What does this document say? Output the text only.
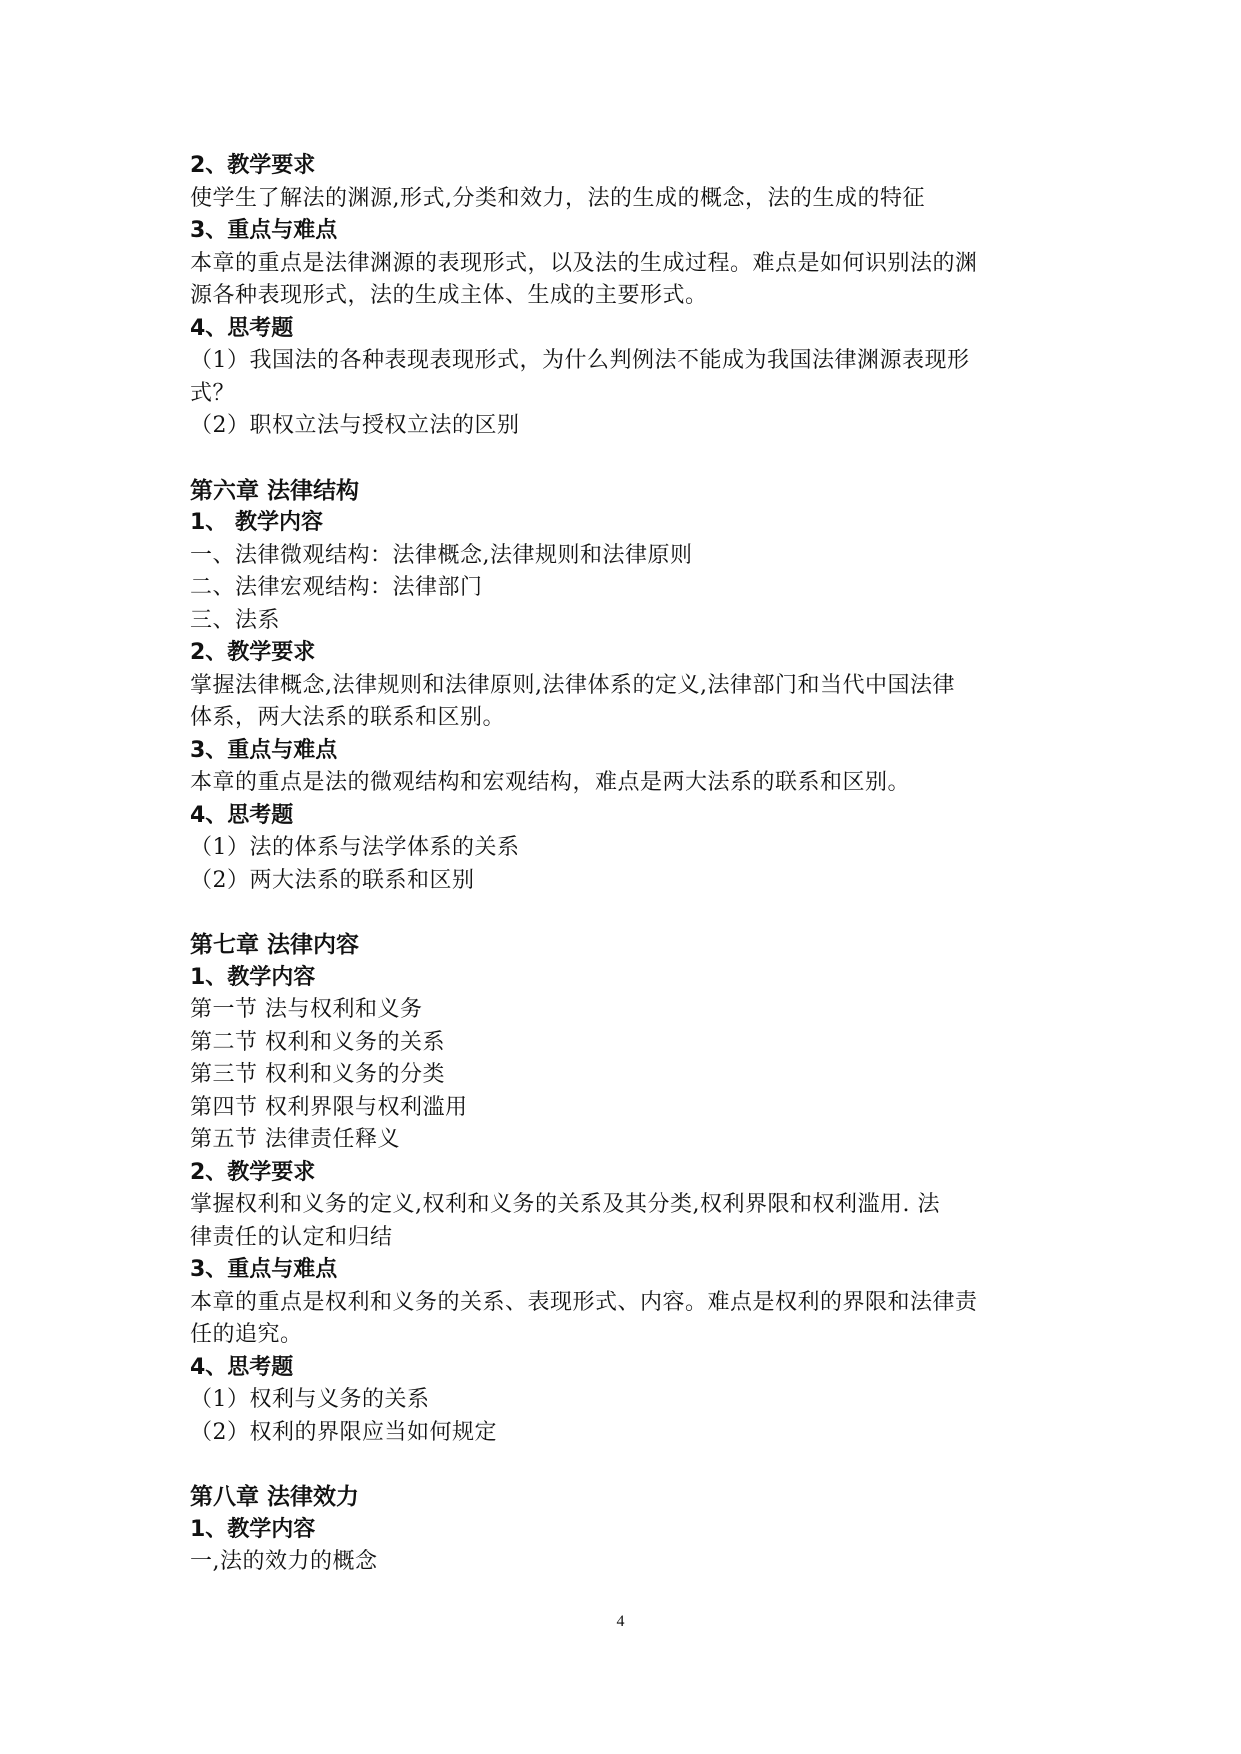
2、教学要求
使学生了解法的渊源,形式,分类和效力，法的生成的概念，法的生成的特征
3、重点与难点
本章的重点是法律渊源的表现形式，以及法的生成过程。难点是如何识别法的渊
源各种表现形式，法的生成主体、生成的主要形式。
4、思考题
（1）我国法的各种表现表现形式，为什么判例法不能成为我国法律渊源表现形
式？
（2）职权立法与授权立法的区别
第六章 法律结构
1、 教学内容
一、法律微观结构：法律概念,法律规则和法律原则
二、法律宏观结构：法律部门
三、法系
2、教学要求
掌握法律概念,法律规则和法律原则,法律体系的定义,法律部门和当代中国法律
体系，两大法系的联系和区别。
3、重点与难点
本章的重点是法的微观结构和宏观结构，难点是两大法系的联系和区别。
4、思考题
（1）法的体系与法学体系的关系
（2）两大法系的联系和区别
第七章 法律内容
1、教学内容
第一节 法与权利和义务
第二节 权利和义务的关系
第三节 权利和义务的分类
第四节 权利界限与权利滥用
第五节 法律责任释义
2、教学要求
掌握权利和义务的定义,权利和义务的关系及其分类,权利界限和权利滥用. 法
律责任的认定和归结
3、重点与难点
本章的重点是权利和义务的关系、表现形式、内容。难点是权利的界限和法律责
任的追究。
4、思考题
（1）权利与义务的关系
（2）权利的界限应当如何规定
第八章 法律效力
1、教学内容
一,法的效力的概念
4
